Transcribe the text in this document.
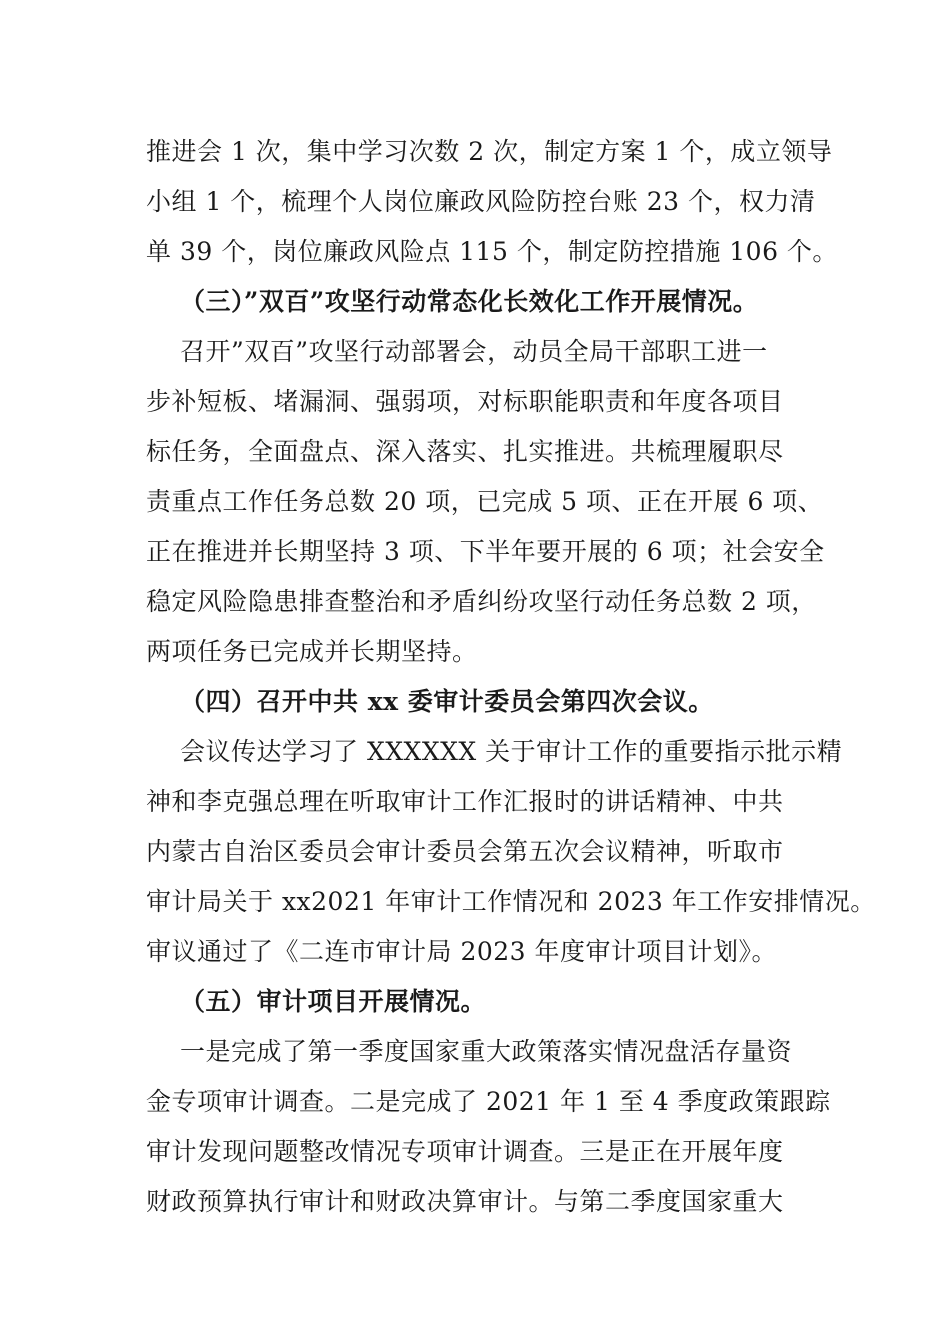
推进会 1 次，集中学习次数 2 次，制定方案 1 个，成立领导
小组 1 个，梳理个人岗位廉政风险防控台账 23 个，权力清
单 39 个，岗位廉政风险点 115 个，制定防控措施 106 个。
（三）”双百”攻坚行动常态化长效化工作开展情况。
召开”双百”攻坚行动部署会，动员全局干部职工进一
步补短板、堵漏洞、强弱项，对标职能职责和年度各项目
标任务，全面盘点、深入落实、扎实推进。共梳理履职尽
责重点工作任务总数 20 项，已完成 5 项、正在开展 6 项、
正在推进并长期坚持 3 项、下半年要开展的 6 项；社会安全
稳定风险隐患排查整治和矛盾纠纷攻坚行动任务总数 2 项，
两项任务已完成并长期坚持。
（四）召开中共 xx 委审计委员会第四次会议。
会议传达学习了 XXXXXX 关于审计工作的重要指示批示精
神和李克强总理在听取审计工作汇报时的讲话精神、中共
内蒙古自治区委员会审计委员会第五次会议精神，听取市
审计局关于 xx2021 年审计工作情况和 2023 年工作安排情况。
审议通过了《二连市审计局 2023 年度审计项目计划》。
（五）审计项目开展情况。
一是完成了第一季度国家重大政策落实情况盘活存量资
金专项审计调查。二是完成了 2021 年 1 至 4 季度政策跟踪
审计发现问题整改情况专项审计调查。三是正在开展年度
财政预算执行审计和财政决算审计。与第二季度国家重大
